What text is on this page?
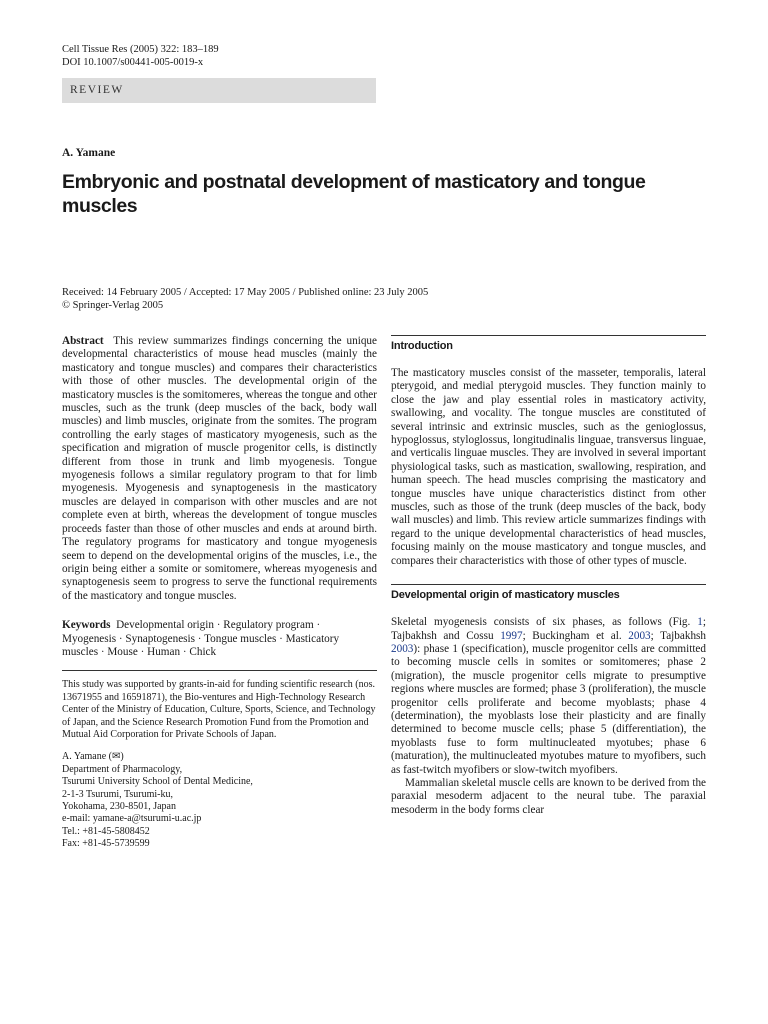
Cell Tissue Res (2005) 322: 183–189
DOI 10.1007/s00441-005-0019-x
REVIEW
A. Yamane
Embryonic and postnatal development of masticatory and tongue muscles
Received: 14 February 2005 / Accepted: 17 May 2005 / Published online: 23 July 2005
© Springer-Verlag 2005

Abstract This review summarizes findings concerning the unique developmental characteristics of mouse head muscles (mainly the masticatory and tongue muscles) and compares their characteristics with those of other muscles. The developmental origin of the masticatory muscles is the somitomeres, whereas the tongue and other muscles, such as the trunk (deep muscles of the back, body wall muscles) and limb muscles, originate from the somites. The program controlling the early stages of masticatory myogenesis, such as the specification and migration of muscle progenitor cells, is distinctly different from those in trunk and limb myogenesis. Tongue myogenesis follows a similar regulatory program to that for limb myogenesis. Myogenesis and synaptogenesis in the masticatory muscles are delayed in comparison with other muscles and are not complete even at birth, whereas the development of tongue muscles proceeds faster than those of other muscles and ends at around birth. The regulatory programs for masticatory and tongue myogenesis seem to depend on the developmental origins of the muscles, i.e., the origin being either a somite or somitomere, whereas myogenesis and synaptogenesis seem to progress to serve the functional requirements of the masticatory and tongue muscles.

Keywords Developmental origin · Regulatory program · Myogenesis · Synaptogenesis · Tongue muscles · Masticatory muscles · Mouse · Human · Chick

This study was supported by grants-in-aid for funding scientific research (nos. 13671955 and 16591871), the Bio-ventures and High-Technology Research Center of the Ministry of Education, Culture, Sports, Science, and Technology of Japan, and the Science Research Promotion Fund from the Promotion and Mutual Aid Corporation for Private Schools of Japan.

A. Yamane (✉)
Department of Pharmacology,
Tsurumi University School of Dental Medicine,
2-1-3 Tsurumi, Tsurumi-ku,
Yokohama, 230-8501, Japan
e-mail: yamane-a@tsurumi-u.ac.jp
Tel.: +81-45-5808452
Fax: +81-45-5739599

Introduction

The masticatory muscles consist of the masseter, temporalis, lateral pterygoid, and medial pterygoid muscles. They function mainly to close the jaw and play essential roles in masticatory activity, swallowing, and vocality. The tongue muscles are constituted of several intrinsic and extrinsic muscles, such as the genioglossus, hypoglossus, styloglossus, longitudinalis linguae, transversus linguae, and verticalis linguae muscles. They are involved in several important physiological tasks, such as mastication, swallowing, respiration, and human speech. The head muscles comprising the masticatory and tongue muscles have unique characteristics distinct from other muscles, such as those of the trunk (deep muscles of the back, body wall muscles) and limb. This review article summarizes findings with regard to the unique developmental characteristics of head muscles, focusing mainly on the mouse masticatory and tongue muscles, and compares their characteristics with those of other types of muscle.

Developmental origin of masticatory muscles

Skeletal myogenesis consists of six phases, as follows (Fig. 1; Tajbakhsh and Cossu 1997; Buckingham et al. 2003; Tajbakhsh 2003): phase 1 (specification), muscle progenitor cells are committed to becoming muscle cells in somites or somitomeres; phase 2 (migration), the muscle progenitor cells migrate to presumptive regions where muscles are formed; phase 3 (proliferation), the muscle progenitor cells proliferate and become myoblasts; phase 4 (determination), the myoblasts lose their plasticity and are finally determined to become muscle cells; phase 5 (differentiation), the myoblasts fuse to form multinucleated myotubes; phase 6 (maturation), the multinucleated myotubes mature to myofibers, such as fast-twitch myofibers or slow-twitch myofibers.

Mammalian skeletal muscle cells are known to be derived from the paraxial mesoderm adjacent to the neural tube. The paraxial mesoderm in the body forms clear
